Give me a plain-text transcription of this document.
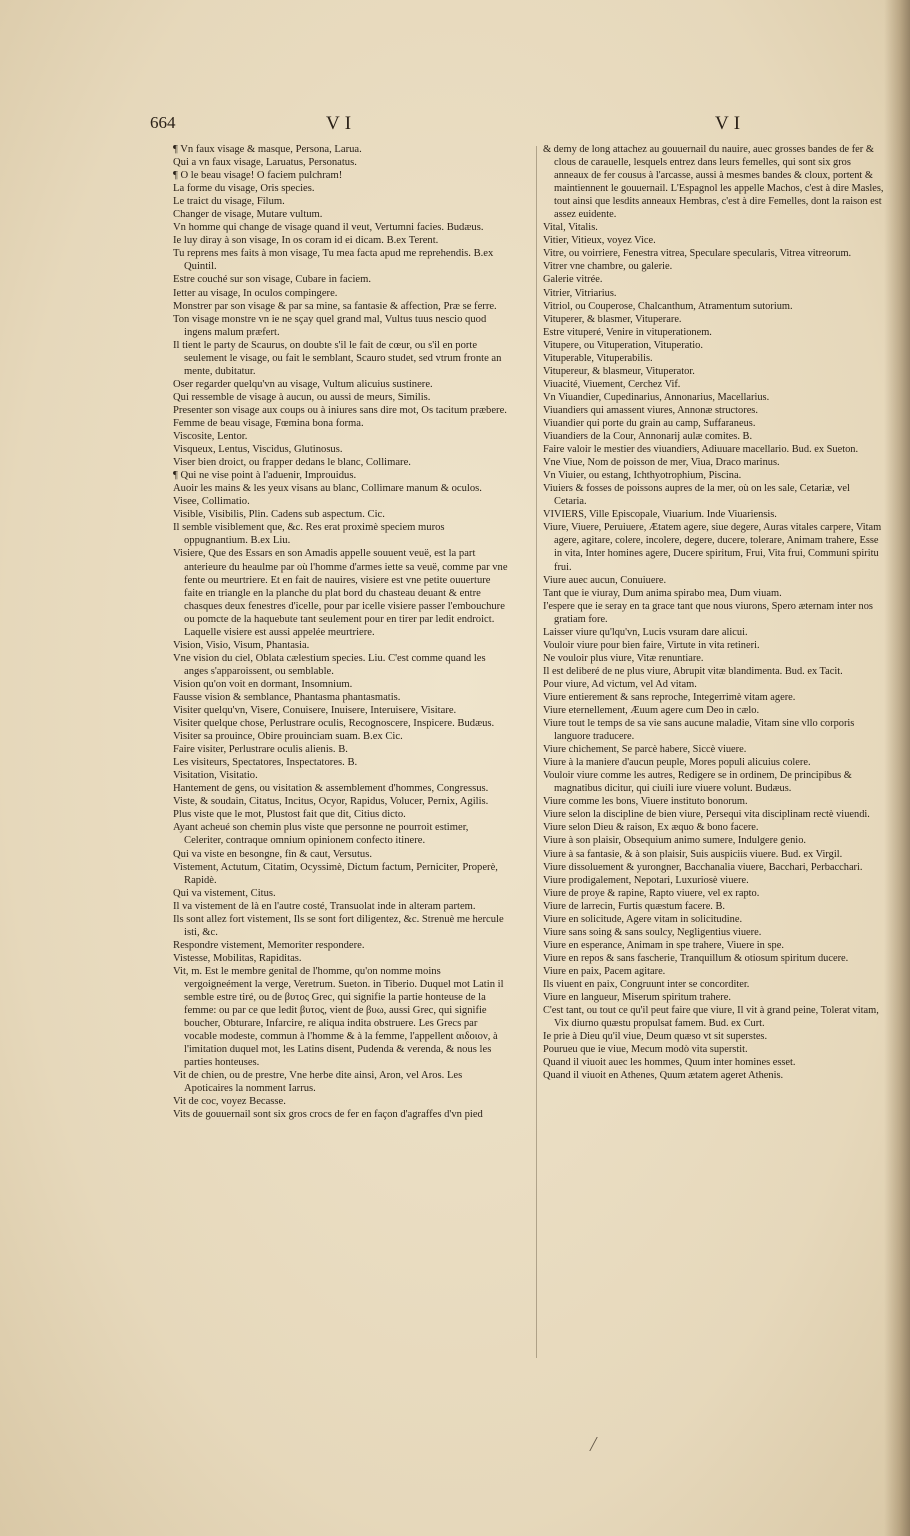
664	VI	VI

¶ Vn faux visage & masque, Persona, Larua.

Qui a vn faux visage, Laruatus, Personatus.

¶ O le beau visage! O faciem pulchram!

La forme du visage, Oris species.

Le traict du visage, Filum.

Changer de visage, Mutare vultum.

Vn homme qui change de visage quand il veut, Vertumni facies. Budæus.

Ie luy diray à son visage, In os coram id ei dicam. B.ex Terent.

Tu reprens mes faits à mon visage, Tu mea facta apud me reprehendis. B.ex Quintil.

Estre couché sur son visage, Cubare in faciem.

Ietter au visage, In oculos compingere.

Monstrer par son visage & par sa mine, sa fantasie & affection, Præ se ferre.

Ton visage monstre vn ie ne sçay quel grand mal, Vultus tuus nescio quod ingens malum præfert.

Il tient le party de Scaurus, on doubte s'il le fait de cœur, ou s'il en porte seulement le visage, ou fait le semblant, Scauro studet, sed vtrum fronte an mente, dubitatur.

Oser regarder quelqu'vn au visage, Vultum alicuius sustinere.

Qui ressemble de visage à aucun, ou aussi de meurs, Similis.

Presenter son visage aux coups ou à iniures sans dire mot, Os tacitum præbere.

Femme de beau visage, Fœmina bona forma.

Viscosite, Lentor.

Visqueux, Lentus, Viscidus, Glutinosus.

Viser bien droict, ou frapper dedans le blanc, Collimare.

¶ Qui ne vise point à l'aduenir, Improuidus.

Auoir les mains & les yeux visans au blanc, Collimare manum & oculos.

Visee, Collimatio.

Visible, Visibilis, Plin. Cadens sub aspectum. Cic.

Il semble visiblement que, &c. Res erat proximè speciem muros oppugnantium. B.ex Liu.

Visiere, Que des Essars en son Amadis appelle souuent veuë, est la part anterieure du heaulme par où l'homme d'armes iette sa veuë, comme par vne fente ou meurtriere. Et en fait de nauires, visiere est vne petite ouuerture faite en triangle en la planche du plat bord du chasteau deuant & entre chasques deux fenestres d'icelle, pour par icelle visiere passer l'embouchure ou pomcte de la haquebute tant seulement pour en tirer par ledit endroict. Laquelle visiere est aussi appelée meurtriere.

Vision, Visio, Visum, Phantasia.

Vne vision du ciel, Oblata cælestium species. Liu. C'est comme quand les anges s'apparoissent, ou semblable.

Vision qu'on voit en dormant, Insomnium.

Fausse vision & semblance, Phantasma phantasmatis.

Visiter quelqu'vn, Visere, Conuisere, Inuisere, Interuisere, Visitare.

Visiter quelque chose, Perlustrare oculis, Recognoscere, Inspicere. Budæus.

Visiter sa prouince, Obire prouinciam suam. B.ex Cic.

Faire visiter, Perlustrare oculis alienis. B.

Les visiteurs, Spectatores, Inspectatores. B.

Visitation, Visitatio.

Hantement de gens, ou visitation & assemblement d'hommes, Congressus.

Viste, & soudain, Citatus, Incitus, Ocyor, Rapidus, Volucer, Pernix, Agilis.

Plus viste que le mot, Plustost fait que dit, Citius dicto.

Ayant acheué son chemin plus viste que personne ne pourroit estimer, Celeriter, contraque omnium opinionem confecto itinere.

Qui va viste en besongne, fin & caut, Versutus.

Vistement, Actutum, Citatim, Ocyssimè, Dictum factum, Perniciter, Properè, Rapidè.

Qui va vistement, Citus.

Il va vistement de là en l'autre costé, Transuolat inde in alteram partem.

Ils sont allez fort vistement, Ils se sont fort diligentez, &c. Strenuè me hercule isti, &c.

Respondre vistement, Memoriter respondere.

Vistesse, Mobilitas, Rapiditas.

Vit, m. Est le membre genital de l'homme, qu'on nomme moins vergoigneément la verge, Veretrum. Sueton. in Tiberio. Duquel mot Latin il semble estre tiré, ou de βυτος Grec, qui signifie la partie honteuse de la femme: ou par ce que ledit βυτος, vient de βυω, aussi Grec, qui signifie boucher, Obturare, Infarcire, re aliqua indita obstruere. Les Grecs par vocable modeste, commun à l'homme & à la femme, l'appellent αιδοιον, à l'imitation duquel mot, les Latins disent, Pudenda & verenda, & nous les parties honteuses.

Vit de chien, ou de prestre, Vne herbe dite ainsi, Aron, vel Aros. Les Apoticaires la nomment Iarrus.

Vit de coc, voyez Becasse.

Vits de gouuernail sont six gros crocs de fer en façon d'agraffes d'vn pied

& demy de long attachez au gouuernail du nauire, auec grosses bandes de fer & clous de carauelle, lesquels entrez dans leurs femelles, qui sont six gros anneaux de fer cousus à l'arcasse, aussi à mesmes bandes & cloux, portent & maintiennent le gouuernail. L'Espagnol les appelle Machos, c'est à dire Masles, tout ainsi que lesdits anneaux Hembras, c'est à dire Femelles, dont la raison est assez euidente.

Vital, Vitalis.

Vitier, Vitieux, voyez Vice.

Vitre, ou voirriere, Fenestra vitrea, Speculare specularis, Vitrea vitreorum.

Vitrer vne chambre, ou galerie.

Galerie vitrée.

Vitrier, Vitriarius.

Vitriol, ou Couperose, Chalcanthum, Atramentum sutorium.

Vituperer, & blasmer, Vituperare.

Estre vituperé, Venire in vituperationem.

Vitupere, ou Vituperation, Vituperatio.

Vituperable, Vituperabilis.

Vitupereur, & blasmeur, Vituperator.

Viuacité, Viuement, Cerchez Vif.

Vn Viuandier, Cupedinarius, Annonarius, Macellarius.

Viuandiers qui amassent viures, Annonæ structores.

Viuandier qui porte du grain au camp, Suffaraneus.

Viuandiers de la Cour, Annonarij aulæ comites. B.

Faire valoir le mestier des viuandiers, Adiuuare macellario. Bud. ex Sueton.

Vne Viue, Nom de poisson de mer, Viua, Draco marinus.

Vn Viuier, ou estang, Ichthyotrophium, Piscina.

Viuiers & fosses de poissons aupres de la mer, où on les sale, Cetariæ, vel Cetaria.

VIVIERS, Ville Episcopale, Viuarium. Inde Viuariensis.

Viure, Viuere, Peruiuere, Ætatem agere, siue degere, Auras vitales carpere, Vitam agere, agitare, colere, incolere, degere, ducere, tolerare, Animam trahere, Esse in vita, Inter homines agere, Ducere spiritum, Frui, Vita frui, Communi spiritu frui.

Viure auec aucun, Conuiuere.

Tant que ie viuray, Dum anima spirabo mea, Dum viuam.

I'espere que ie seray en ta grace tant que nous viurons, Spero æternam inter nos gratiam fore.

Laisser viure qu'lqu'vn, Lucis vsuram dare alicui.

Vouloir viure pour bien faire, Virtute in vita retineri.

Ne vouloir plus viure, Vitæ renuntiare.

Il est deliberé de ne plus viure, Abrupit vitæ blandimenta. Bud. ex Tacit.

Pour viure, Ad victum, vel Ad vitam.

Viure entierement & sans reproche, Integerrimè vitam agere.

Viure eternellement, Æuum agere cum Deo in cælo.

Viure tout le temps de sa vie sans aucune maladie, Vitam sine vllo corporis languore traducere.

Viure chichement, Se parcè habere, Siccè viuere.

Viure à la maniere d'aucun peuple, Mores populi alicuius colere.

Vouloir viure comme les autres, Redigere se in ordinem, De principibus & magnatibus dicitur, qui ciuili iure viuere volunt. Budæus.

Viure comme les bons, Viuere instituto bonorum.

Viure selon la discipline de bien viure, Persequi vita disciplinam rectè viuendi.

Viure selon Dieu & raison, Ex æquo & bono facere.

Viure à son plaisir, Obsequium animo sumere, Indulgere genio.

Viure à sa fantasie, & à son plaisir, Suis auspiciis viuere. Bud. ex Virgil.

Viure dissoluement & yurongner, Bacchanalia viuere, Bacchari, Perbacchari.

Viure prodigalement, Nepotari, Luxuriosè viuere.

Viure de proye & rapine, Rapto viuere, vel ex rapto.

Viure de larrecin, Furtis quæstum facere. B.

Viure en solicitude, Agere vitam in solicitudine.

Viure sans soing & sans soulcy, Negligentius viuere.

Viure en esperance, Animam in spe trahere, Viuere in spe.

Viure en repos & sans fascherie, Tranquillum & otiosum spiritum ducere.

Viure en paix, Pacem agitare.

Ils viuent en paix, Congruunt inter se concorditer.

Viure en langueur, Miserum spiritum trahere.

C'est tant, ou tout ce qu'il peut faire que viure, Il vit à grand peine, Tolerat vitam, Vix diurno quæstu propulsat famem. Bud. ex Curt.

Ie prie à Dieu qu'il viue, Deum quæso vt sit superstes.

Pourueu que ie viue, Mecum modò vita superstit.

Quand il viuoit auec les hommes, Quum inter homines esset.

Quand il viuoit en Athenes, Quum ætatem ageret Athenis.
